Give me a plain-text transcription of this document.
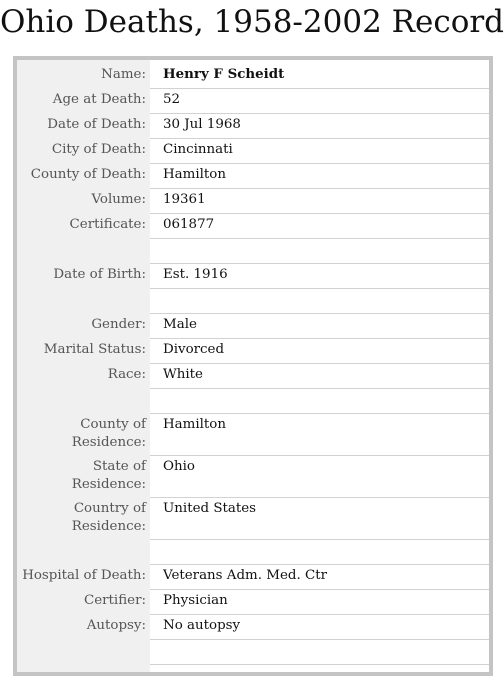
Ohio Deaths, 1958-2002 Record
Name:	Henry F Scheidt
Age at Death:	52
Date of Death:	30 Jul 1968
City of Death:	Cincinnati
County of Death:	Hamilton
Volume:	19361
Certificate:	061877
Date of Birth:	Est. 1916
Gender:	Male
Marital Status:	Divorced
Race:	White
County of Residence:
Hamilton
State of Residence:
Ohio
Country of Residence:
United States
Hospital of Death:	Veterans Adm. Med. Ctr
Certifier:	Physician
Autopsy:	No autopsy
